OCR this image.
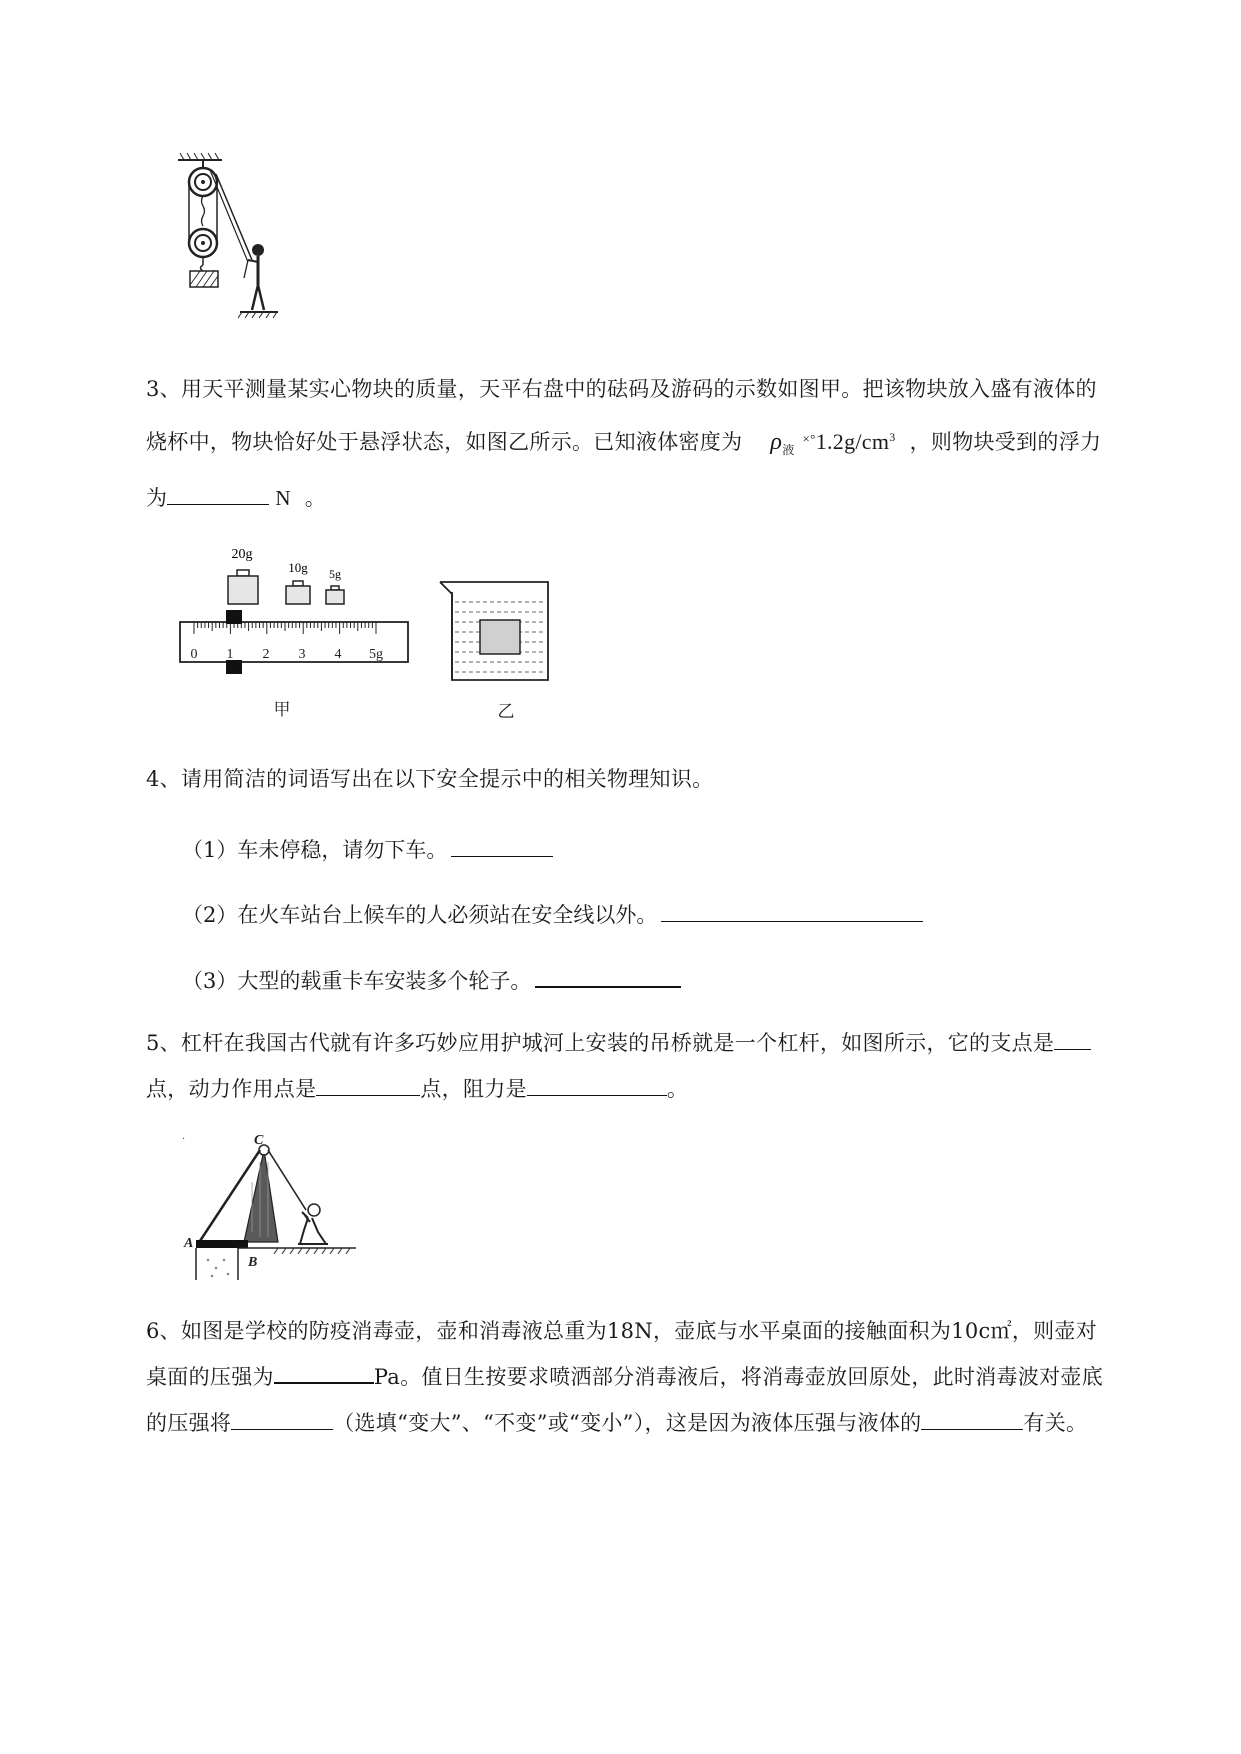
3、用天平测量某实心物块的质量，天平右盘中的砝码及游码的示数如图甲。把该物块放入盛有液体的
烧杯中，物块恰好处于悬浮状态，如图乙所示。已知液体密度为 $\rho_液^{\times^\circ}1.2g/cm^3$ ，则物块受到的浮力
为	N 。
20g
10g 5g
0 1 2 3 4 5g
甲	乙
4、请用简洁的词语写出在以下安全提示中的相关物理知识。
（1）车未停稳，请勿下车。
（2）在火车站台上候车的人必须站在安全线以外。
（3）大型的载重卡车安装多个轮子。
5、杠杆在我国古代就有许多巧妙应用护城河上安装的吊桥就是一个杠杆，如图所示，它的支点是
点，动力作用点是	点，阻力是	。
·	C
A
B
6、如图是学校的防疫消毒壶，壶和消毒液总重为18N，壶底与水平桌面的接触面积为10c㎡，则壶对
桌面的压强为	Pa。值日生按要求喷洒部分消毒液后，将消毒壶放回原处，此时消毒波对壶底
的压强将	（选填“变大”、“不变”或“变小”），这是因为液体压强与液体的	有关。
